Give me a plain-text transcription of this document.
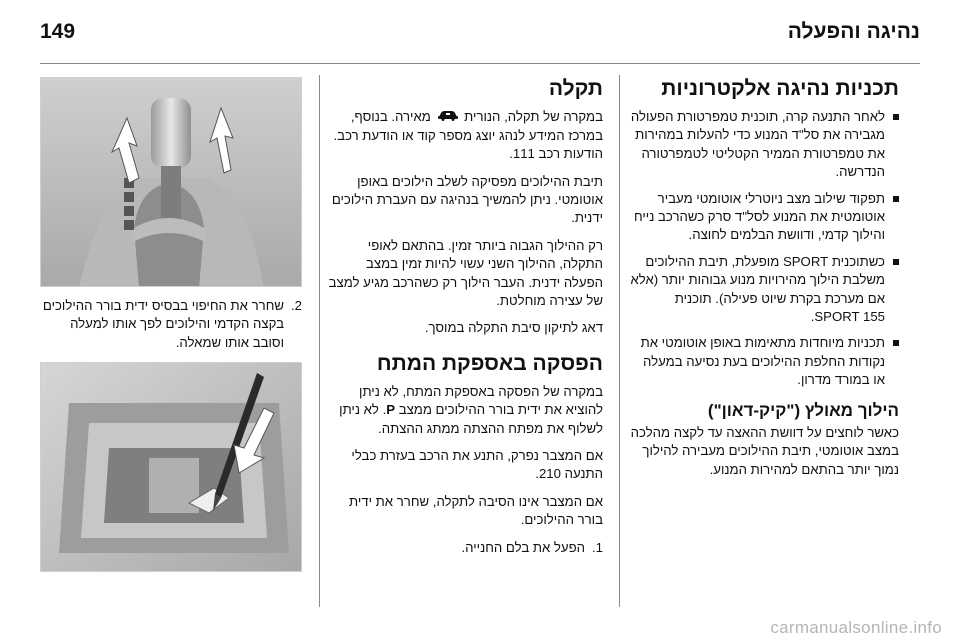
נהיגה והפעלה
149
תכניות נהיגה אלקטרוניות
לאחר התנעה קרה, תוכנית טמפרטורת הפעולה מגבירה את סל"ד המנוע כדי להעלות במהירות את טמפרטורת הממיר הקטליטי לטמפרטורה הנדרשה.
תפקוד שילוב מצב ניוטרלי אוטומטי מעביר אוטומטית את המנוע לסל"ד סרק כשהרכב נייח והילוך קדמי, ודוושת הבלמים לחוצה.
כשתוכנית SPORT מופעלת, תיבת ההילוכים משלבת הילוך מהירויות מנוע גבוהות יותר (אלא אם מערכת בקרת שיוט פעילה). תוכנית SPORT 155.
תכניות מיוחדות מתאימות באופן אוטומטי את נקודות החלפת ההילוכים בעת נסיעה במעלה או במורד מדרון.
הילוך מאולץ ("קיק-דאון")

כאשר לוחצים על דוושת ההאצה עד לקצה מהלכה במצב אוטומטי, תיבת ההילוכים מעבירה להילוך נמוך יותר בהתאם למהירות המנוע.

תקלה

במקרה של תקלה, הנורית  מאירה. בנוסף, במרכז המידע לנהג יוצג מספר קוד או הודעת רכב. הודעות רכב 111.

תיבת ההילוכים מפסיקה לשלב הילוכים באופן אוטומטי. ניתן להמשיך בנהיגה עם העברת הילוכים ידנית.

רק ההילוך הגבוה ביותר זמין. בהתאם לאופי התקלה, ההילוך השני עשוי להיות זמין במצב הפעלה ידנית. העבר הילוך רק כשהרכב מגיע למצב של עצירה מוחלטת.

דאג לתיקון סיבת התקלה במוסך.

הפסקה באספקת המתח

במקרה של הפסקה באספקת המתח, לא ניתן להוציא את ידית בורר ההילוכים ממצב P. לא ניתן לשלוף את מפתח ההצתה ממתג ההצתה.

אם המצבר נפרק, התנע את הרכב בעזרת כבלי התנעה 210.

אם המצבר אינו הסיבה לתקלה, שחרר את ידית בורר ההילוכים.

1.
הפעל את בלם החנייה.
2.
שחרר את החיפוי בבסיס ידית בורר ההילוכים בקצה הקדמי והילוכים לפך אותו למעלה וסובב אותו שמאלה.
carmanualsonline.info
